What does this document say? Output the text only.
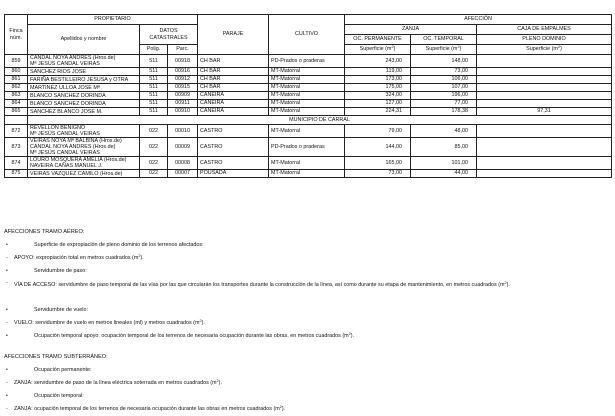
Finca núm.	PROPIETARIO			PARAJE	CULTIVO	AFECCIÓN		
	Apellidos y nombre	DATOS CATASTRALES				ZANJA		CAJA DE EMPALMES
						OC. PERMANENTE	OC. TEMPORAL	PLENO DOMINIO
		Polig.	Parc.			Superficie $(m^2)$	Superficie $(m^2)$	Superficie $(m^2)$
859	CANDAL NOYA ANDRES (Hros.de)
Mª JESÚS CANDAL VEIRAS	511	00918	CH BAR	PD-Prados o praderas	243,00	148,00	
860	SANCHEZ RIOS JOSE	511	00916	CH BAR	MT-Matorral	119,00	73,00	
861	FARIÑA BESTILLEIRO JESUSA y OTRA	511	00912	CH BAR	MT-Matorral	173,00	106,00	
862	MARTINEZ ULLOA JOSE Mª	511	00915	CH BAR	MT-Matorral	175,00	107,00	
863	BLANCO SANCHEZ DORINDA	511	00909	CAÑEIRA	MT-Matorral	324,00	196,00	
864	BLANCO SANCHEZ DORINDA	511	00911	CAÑEIRA	MT-Matorral	127,00	77,00	
865	SANCHEZ BLANCO JOSE M.	511	00910	CAÑEIRA	MT-Matorral	224,31	178,38	97,31
	MUNICIPIO DE CARRAL							
872	REVELLON BENIGNO
Mª JESÚS CANDAL VEIRAS	022	00010	CASTRO	MT-Matorral	79,00	48,00	
873	VEIRAS NOYA Mª BALBINA (Hros.de)
CANDAL NOYA ANDRES (Hros.de)
Mª JESÚS CANDAL VEIRAS	022	00009	CASTRO	PD-Prados o praderas	144,00	85,00	
874	LOURO MOSQUERA AMELIA (Hros.de)
NAVEIRA CAÑAS MANUEL J.	022	00008	CASTRO	MT-Matorral	165,00	101,00	
875	VEIRAS VAZQUEZ CAMILO (Hros.de)	022	00007	POUSADA	MT-Matorral	73,00	44,00	
AFECCIONES TRAMO AÉREO:
•	Superficie de expropiación de pleno dominio de los terrenos afectados:
- APOYO: expropiación total en metros cuadrados $(m^2)$.
•	Servidumbre de paso:
-	VÍA DE ACCESO: servidumbre de paso temporal de las vías por las que circularán los transportes durante la construcción de la línea, así como durante su etapa de mantenimiento, en metros cuadrados $(m^2)$.
•	Servidumbre de vuelo:
- VUELO: servidumbre de vuelo en metros lineales (ml) y metros cuadrados $(m^2)$.
•	Ocupación temporal apoyo: ocupación temporal de los terrenos de necesaria ocupación durante las obras, en metros cuadrados $(m^2)$.
AFECCIONES TRAMO SUBTERRÁNEO:
•	Ocupación permanente:
- ZANJA: servidumbre de paso de la línea eléctrica soterrada en metros cuadrados $(m^2)$.
•	Ocupación temporal:
- ZANJA: ocupación temporal de los terrenos de necesaria ocupación durante las obras en metros cuadrados $(m^2)$.
